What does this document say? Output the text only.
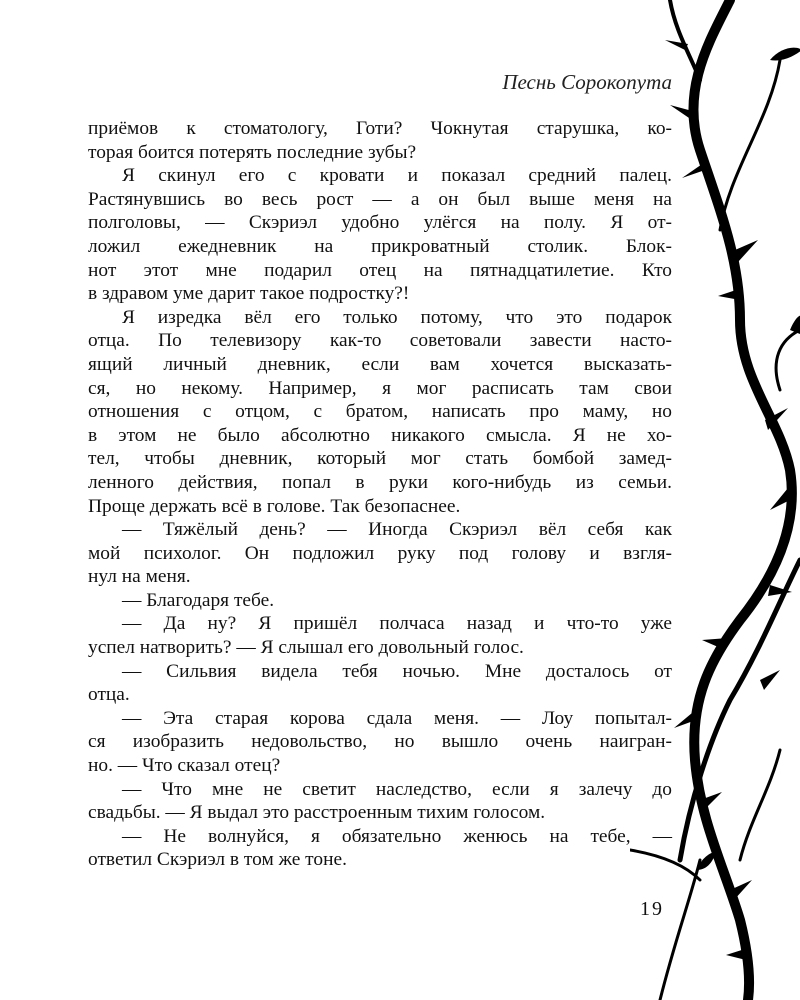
Песнь Сорокопута

приёмов к стоматологу, Готи? Чокнутая старушка, ко-
торая боится потерять последние зубы?

Я скинул его с кровати и показал средний палец.
Растянувшись во весь рост — а он был выше меня на
полголовы, — Скэриэл удобно улёгся на полу. Я от-
ложил ежедневник на прикроватный столик. Блок-
нот этот мне подарил отец на пятнадцатилетие. Кто
в здравом уме дарит такое подростку?!

Я изредка вёл его только потому, что это подарок
отца. По телевизору как-то советовали завести насто-
ящий личный дневник, если вам хочется высказать-
ся, но некому. Например, я мог расписать там свои
отношения с отцом, с братом, написать про маму, но
в этом не было абсолютно никакого смысла. Я не хо-
тел, чтобы дневник, который мог стать бомбой замед-
ленного действия, попал в руки кого-нибудь из семьи.
Проще держать всё в голове. Так безопаснее.

— Тяжёлый день? — Иногда Скэриэл вёл себя как
мой психолог. Он подложил руку под голову и взгля-
нул на меня.

— Благодаря тебе.

— Да ну? Я пришёл полчаса назад и что-то уже
успел натворить? — Я слышал его довольный голос.

— Сильвия видела тебя ночью. Мне досталось от
отца.

— Эта старая корова сдала меня. — Лоу попытал-
ся изобразить недовольство, но вышло очень наигран-
но. — Что сказал отец?

— Что мне не светит наследство, если я залечу до
свадьбы. — Я выдал это расстроенным тихим голосом.

— Не волнуйся, я обязательно женюсь на тебе, —
ответил Скэриэл в том же тоне.

19
